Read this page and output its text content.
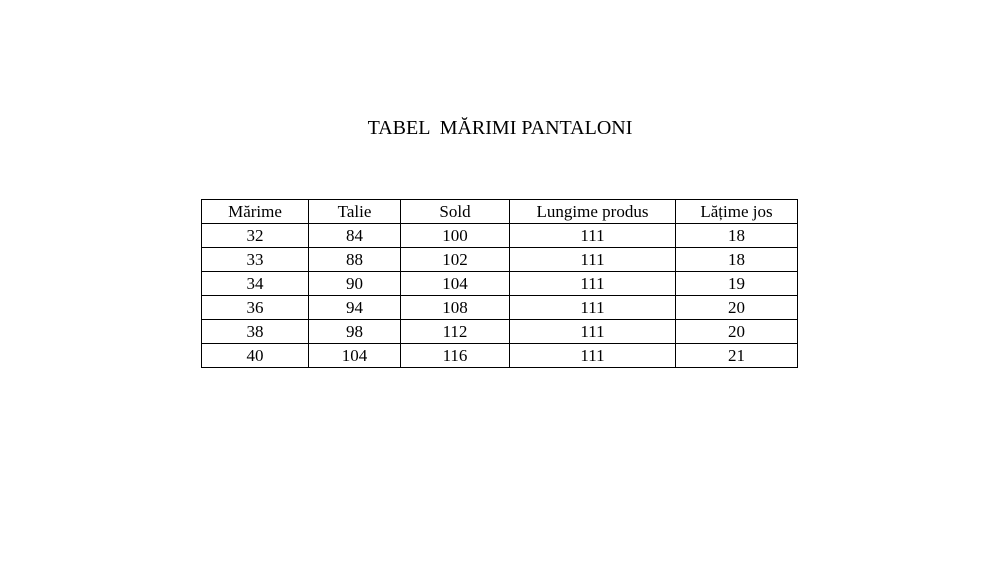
TABEL  MĂRIMI PANTALONI
Mărime	Talie	Sold	Lungime produs	Lățime jos
32	84	100	111	18
33	88	102	111	18
34	90	104	111	19
36	94	108	111	20
38	98	112	111	20
40	104	116	111	21
